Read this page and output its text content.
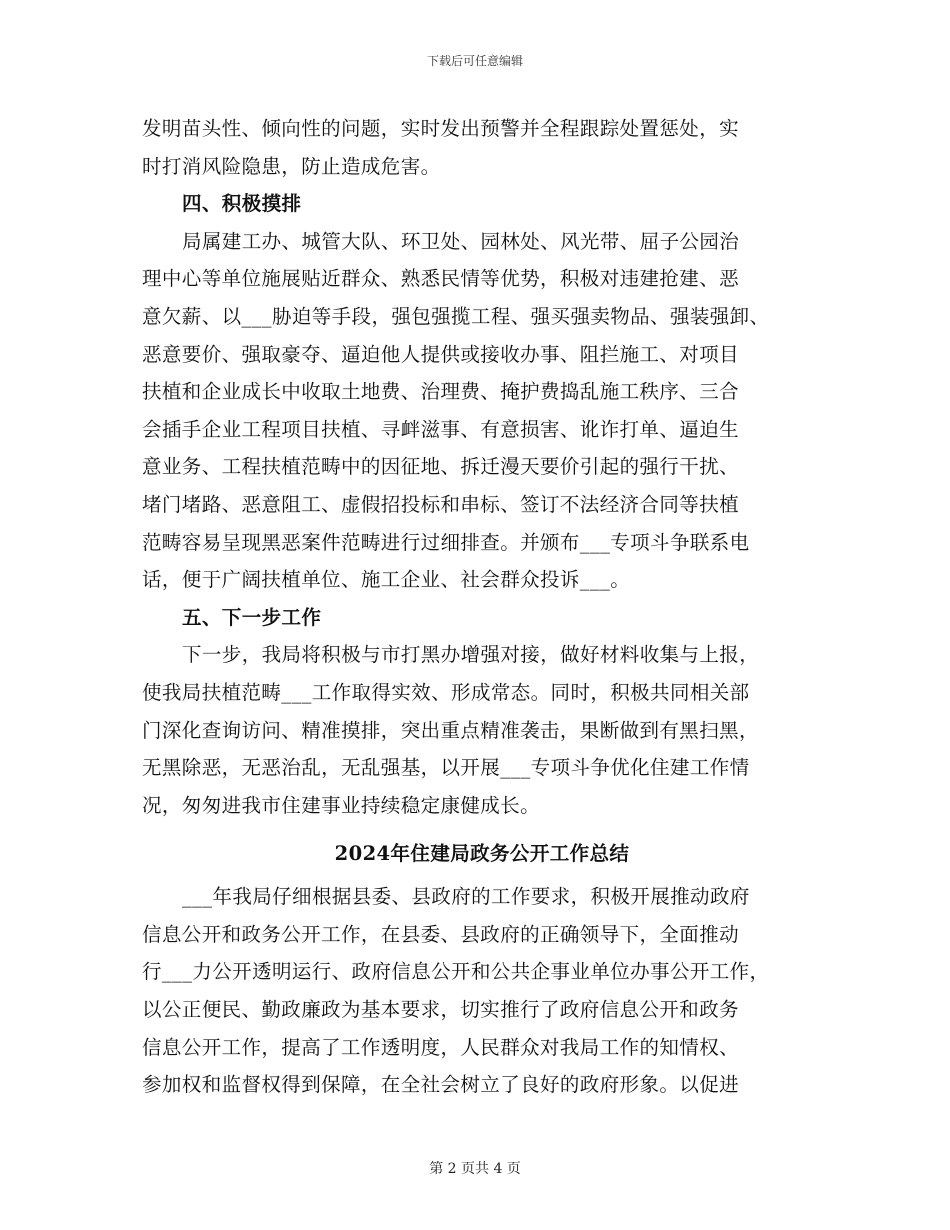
下载后可任意编辑
发明苗头性、倾向性的问题，实时发出预警并全程跟踪处置惩处，实
时打消风险隐患，防止造成危害。
四、积极摸排
局属建工办、城管大队、环卫处、园林处、风光带、屈子公园治
理中心等单位施展贴近群众、熟悉民情等优势，积极对违建抢建、恶
意欠薪、以___胁迫等手段，强包强揽工程、强买强卖物品、强装强卸、
恶意要价、强取豪夺、逼迫他人提供或接收办事、阻拦施工、对项目
扶植和企业成长中收取土地费、治理费、掩护费捣乱施工秩序、三合
会插手企业工程项目扶植、寻衅滋事、有意损害、讹诈打单、逼迫生
意业务、工程扶植范畴中的因征地、拆迁漫天要价引起的强行干扰、
堵门堵路、恶意阻工、虚假招投标和串标、签订不法经济合同等扶植
范畴容易呈现黑恶案件范畴进行过细排查。并颁布___专项斗争联系电
话，便于广阔扶植单位、施工企业、社会群众投诉___。
五、下一步工作
下一步，我局将积极与市打黑办增强对接，做好材料收集与上报，
使我局扶植范畴___工作取得实效、形成常态。同时，积极共同相关部
门深化查询访问、精准摸排，突出重点精准袭击，果断做到有黑扫黑，
无黑除恶，无恶治乱，无乱强基，以开展___专项斗争优化住建工作情
况，匆匆进我市住建事业持续稳定康健成长。
2024年住建局政务公开工作总结
___年我局仔细根据县委、县政府的工作要求，积极开展推动政府
信息公开和政务公开工作，在县委、县政府的正确领导下，全面推动
行___力公开透明运行、政府信息公开和公共企事业单位办事公开工作，
以公正便民、勤政廉政为基本要求，切实推行了政府信息公开和政务
信息公开工作，提高了工作透明度，人民群众对我局工作的知情权、
参加权和监督权得到保障，在全社会树立了良好的政府形象。以促进
第 2 页共 4 页
